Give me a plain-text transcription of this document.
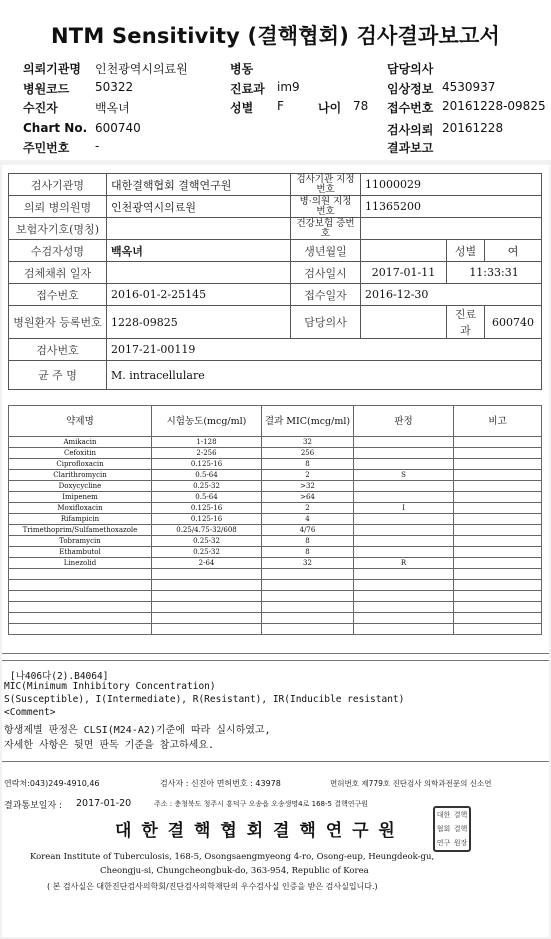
NTM Sensitivity (결핵협회) 검사결과보고서
의뢰기관명 인천광역시의료원	병동	담당의사
병원코드 50322	진료과 im9	임상정보 4530937
수진자	백옥녀	성별 F	나이 78 접수번호 20161228-09825
Chart No. 600740	검사의뢰 20161228
주민번호 -	결과보고
검사기관명	대한결핵협회 결핵연구원	검사기관 지정번호	11000029		
의뢰 병의원명	인천광역시의료원	병·의원 지정번호	11365200		
보험자기호(명칭)		건강보험 증번호			
수검자성명	백옥녀	생년월일		성별	여
검체채취 일자		검사일시	2017-01-11	11:33:31	
접수번호	2016-01-2-25145	접수일자	2016-12-30		
병원환자 등록번호	1228-09825	담당의사		진료과	600740
검사번호	2017-21-00119				
균 주 명	M. intracellulare				
약제명	시험농도(mcg/ml)	결과 MIC(mcg/ml)	판정	비고
Amikacin	1-128	32		
Cefoxitin	2-256	256		
Ciprofloxacin	0.125-16	8		
Clarithromycin	0.5-64	2	S	
Doxycycline	0.25-32	>32		
Imipenem	0.5-64	>64		
Moxifloxacin	0.125-16	2	I	
Rifampicin	0.125-16	4		
Trimethoprim/Sulfamethoxazole	0.25/4.75-32/608	4/76		
Tobramycin	0.25-32	8		
Ethambutol	0.25-32	8		
Linezolid	2-64	32	R	

[나406다(2).B4064]
MIC(Minimum Inhibitory Concentration)
S(Susceptible), I(Intermediate), R(Resistant), IR(Inducible resistant)
<Comment>
항생제별 판정은 CLSI(M24-A2)기준에 따라 실시하였고,
자세한 사항은 뒷면 판독 기준을 참고하세요.
연락처:043)249-4910,46	검사자 : 신진아 면허번호 : 43978	면허번호 제779호 진단검사 의학과전문의 신소연
결과통보일자 : 2017-01-20	주소 : 충청북도 청주시 흥덕구 오송읍 오송생명4로 168-5 결핵연구원
대 한 결 핵 협 회 결 핵 연 구 원
Korean Institute of Tuberculosis, 168-5, Osongsaengmyeong 4-ro, Osong-eup, Heungdeok-gu,
Cheongju-si, Chungcheongbuk-do, 363-954, Republic of Korea
( 본 검사실은 대한진단검사의학회/진단검사의학재단의 우수검사실 인증을 받은 검사실입니다.)
대한 결핵
협회 결핵
연구 원장
